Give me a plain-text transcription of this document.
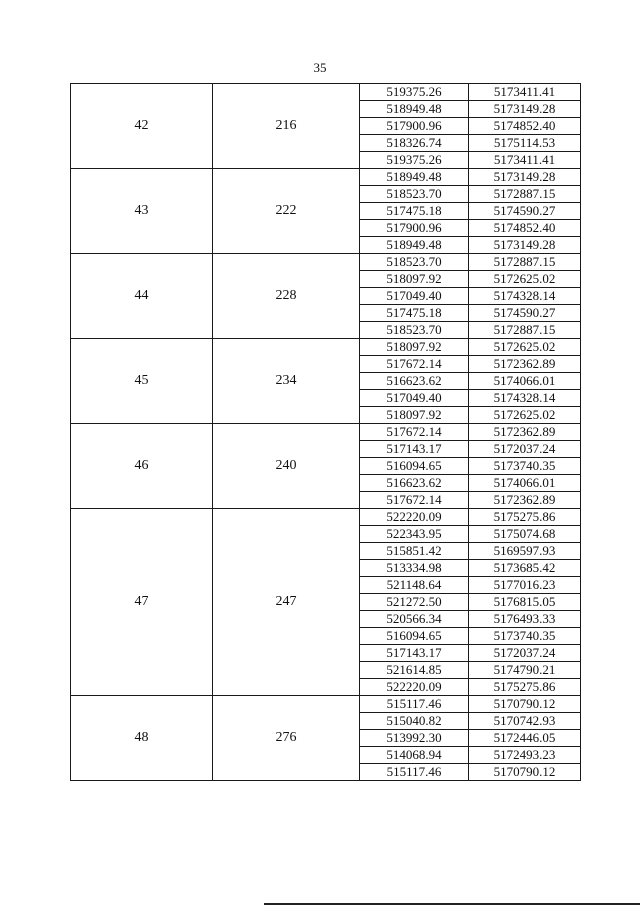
35
42	216	519375.26	5173411.41
		518949.48	5173149.28
		517900.96	5174852.40
		518326.74	5175114.53
		519375.26	5173411.41
43	222	518949.48	5173149.28
		518523.70	5172887.15
		517475.18	5174590.27
		517900.96	5174852.40
		518949.48	5173149.28
44	228	518523.70	5172887.15
		518097.92	5172625.02
		517049.40	5174328.14
		517475.18	5174590.27
		518523.70	5172887.15
45	234	518097.92	5172625.02
		517672.14	5172362.89
		516623.62	5174066.01
		517049.40	5174328.14
		518097.92	5172625.02
46	240	517672.14	5172362.89
		517143.17	5172037.24
		516094.65	5173740.35
		516623.62	5174066.01
		517672.14	5172362.89
47	247	522220.09	5175275.86
		522343.95	5175074.68
		515851.42	5169597.93
		513334.98	5173685.42
		521148.64	5177016.23
		521272.50	5176815.05
		520566.34	5176493.33
		516094.65	5173740.35
		517143.17	5172037.24
		521614.85	5174790.21
		522220.09	5175275.86
48	276	515117.46	5170790.12
		515040.82	5170742.93
		513992.30	5172446.05
		514068.94	5172493.23
		515117.46	5170790.12
